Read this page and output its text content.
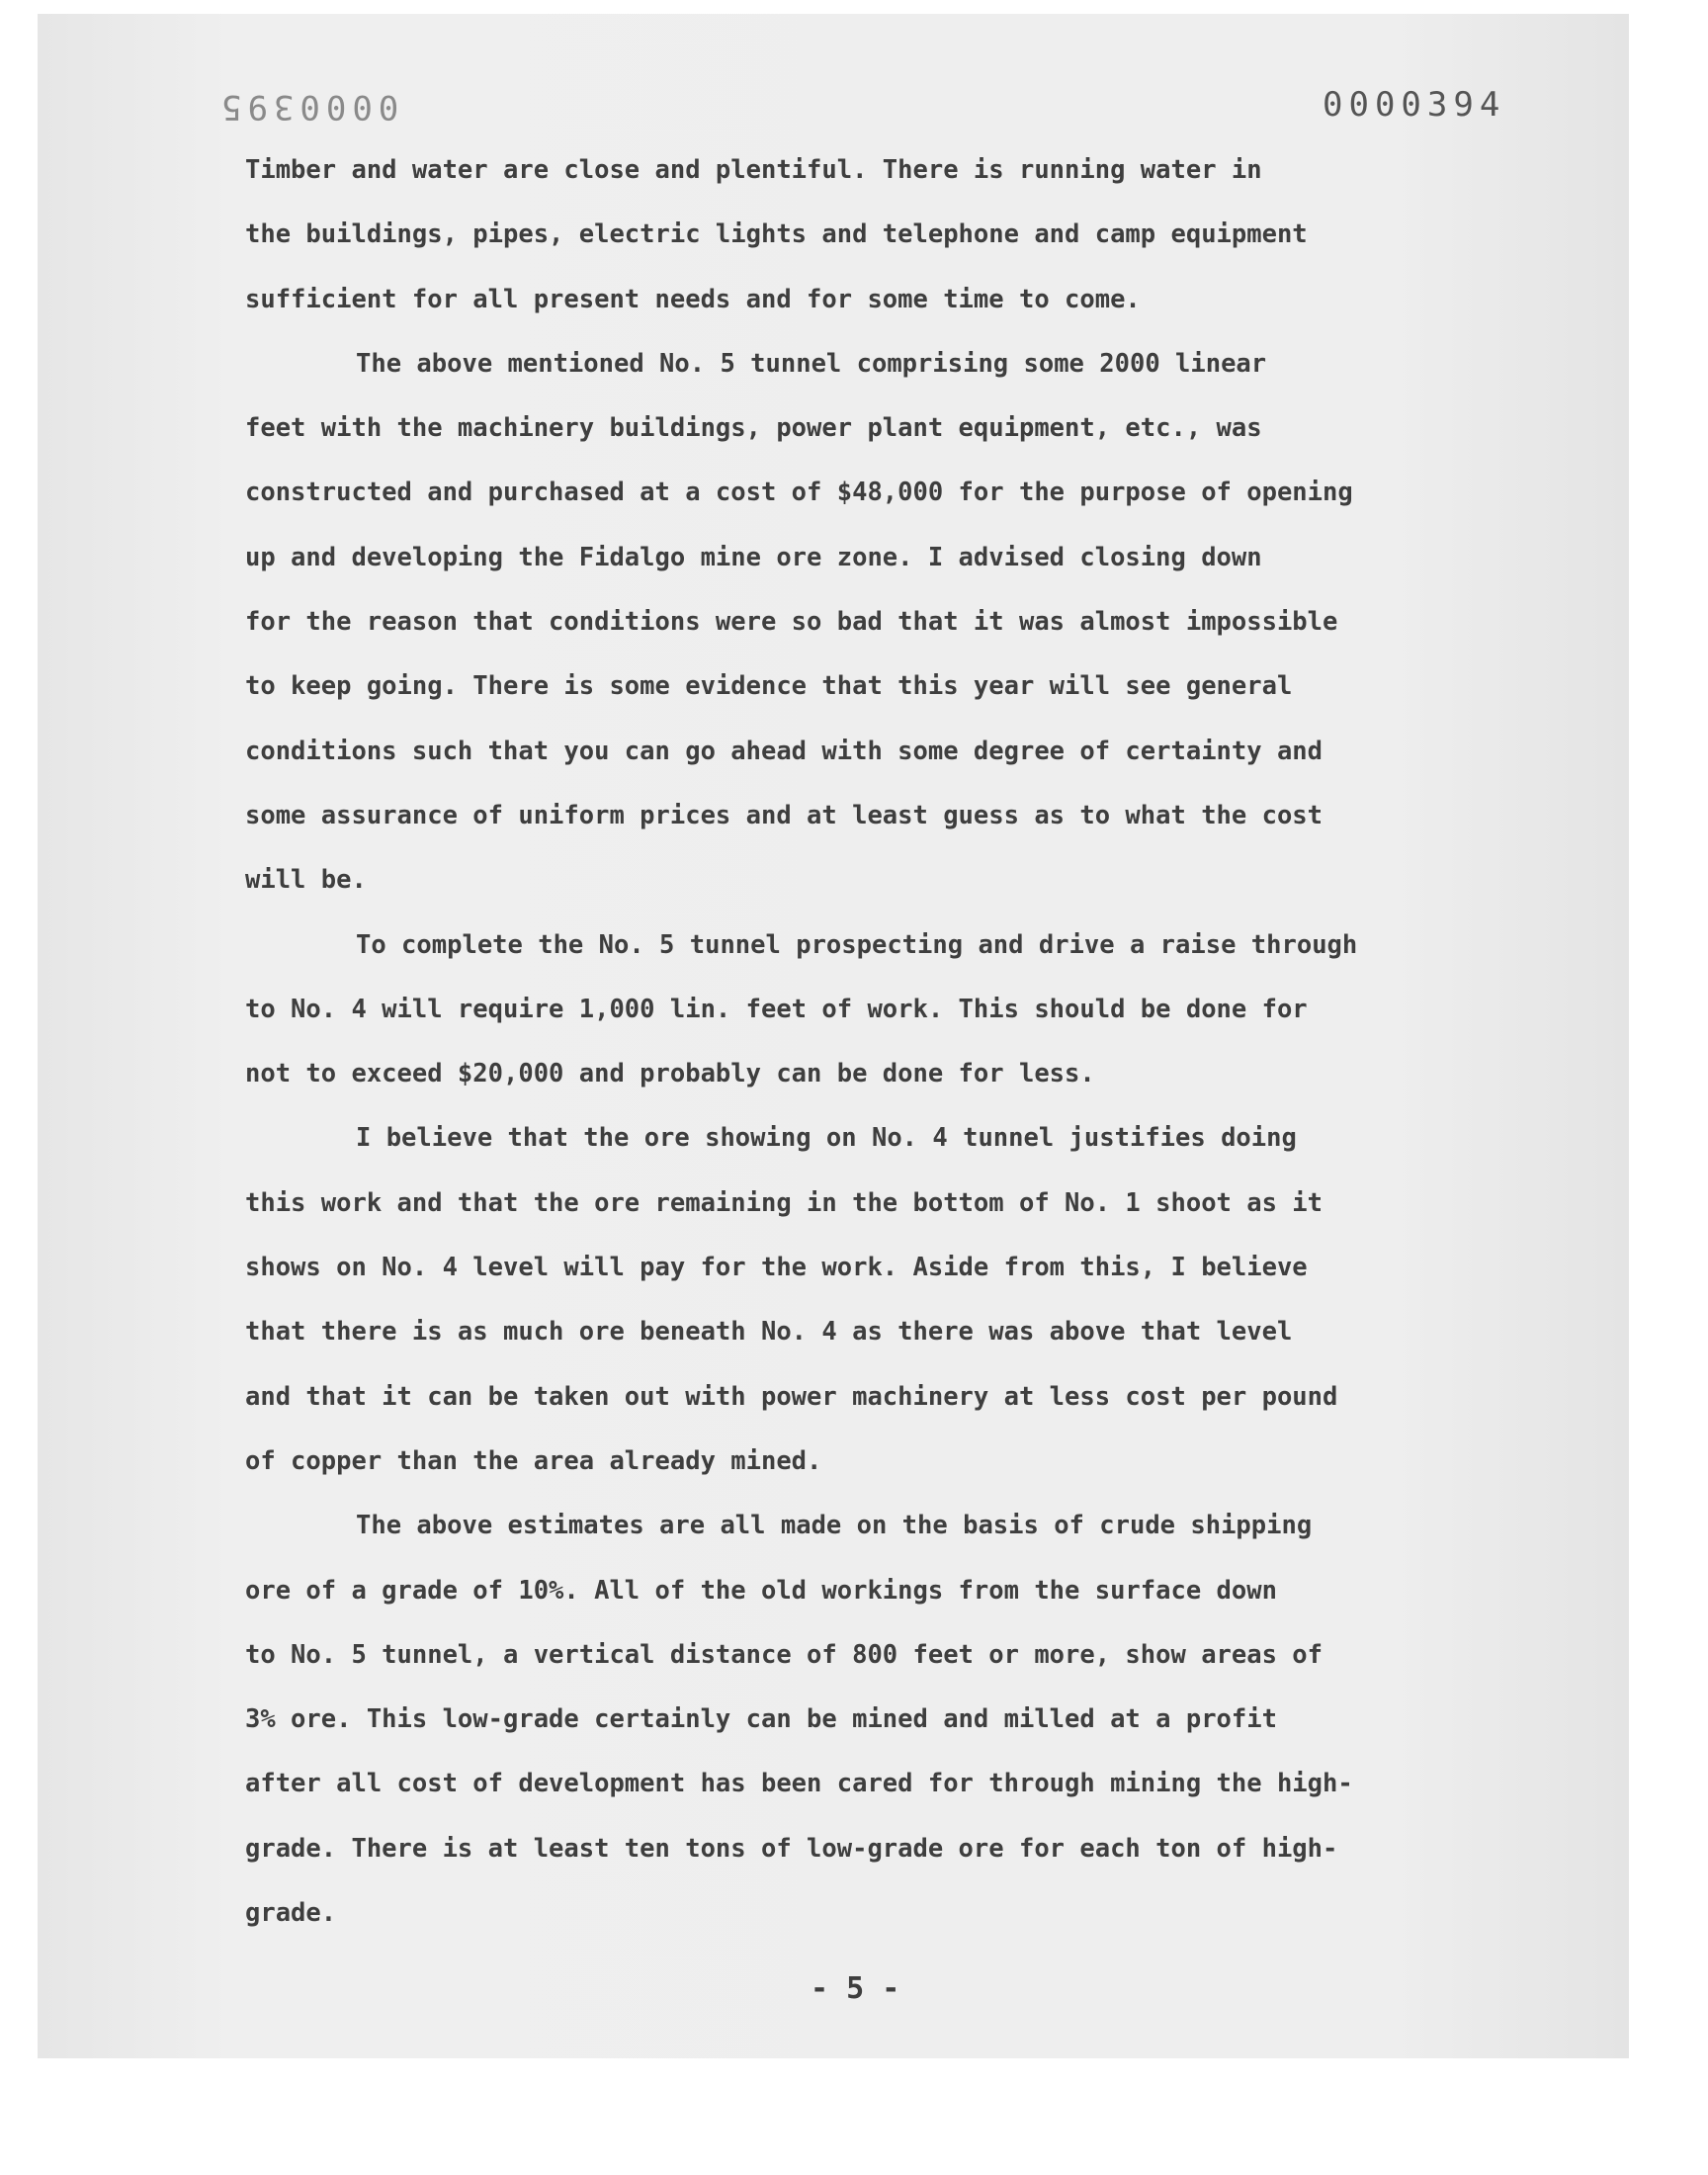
0000395	0000394
Timber and water are close and plentiful. There is running water in
the buildings, pipes, electric lights and telephone and camp equipment
sufficient for all present needs and for some time to come.
The above mentioned No. 5 tunnel comprising some 2000 linear
feet with the machinery buildings, power plant equipment, etc., was
constructed and purchased at a cost of $48,000 for the purpose of opening
up and developing the Fidalgo mine ore zone. I advised closing down
for the reason that conditions were so bad that it was almost impossible
to keep going. There is some evidence that this year will see general
conditions such that you can go ahead with some degree of certainty and
some assurance of uniform prices and at least guess as to what the cost
will be.
To complete the No. 5 tunnel prospecting and drive a raise through
to No. 4 will require 1,000 lin. feet of work. This should be done for
not to exceed $20,000 and probably can be done for less.
I believe that the ore showing on No. 4 tunnel justifies doing
this work and that the ore remaining in the bottom of No. 1 shoot as it
shows on No. 4 level will pay for the work. Aside from this, I believe
that there is as much ore beneath No. 4 as there was above that level
and that it can be taken out with power machinery at less cost per pound
of copper than the area already mined.
The above estimates are all made on the basis of crude shipping
ore of a grade of 10%. All of the old workings from the surface down
to No. 5 tunnel, a vertical distance of 800 feet or more, show areas of
3% ore. This low-grade certainly can be mined and milled at a profit
after all cost of development has been cared for through mining the high-
grade. There is at least ten tons of low-grade ore for each ton of high-
grade.
- 5 -
